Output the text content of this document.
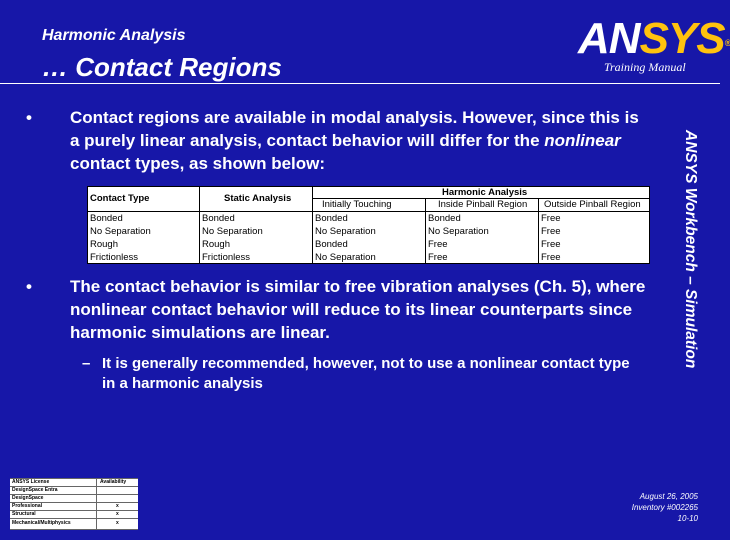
Harmonic Analysis
… Contact Regions
ANSYS®
Training Manual
ANSYS Workbench – Simulation
• Contact regions are available in modal analysis. However, since this is a purely linear analysis, contact behavior will differ for the nonlinear contact types, as shown below:
Contact Type	Static Analysis
Harmonic Analysis
Initially Touching	Inside Pinball Region	Outside Pinball Region
Bonded	Bonded	Bonded	Bonded	Free
No Separation	No Separation	No Separation	No Separation	Free
Rough	Rough	Bonded	Free	Free
Frictionless	Frictionless	No Separation	Free	Free
• The contact behavior is similar to free vibration analyses (Ch. 5), where nonlinear contact behavior will reduce to its linear counterparts since harmonic simulations are linear.
– It is generally recommended, however, not to use a nonlinear contact type in a harmonic analysis
ANSYS License	Availability
DesignSpace Entra
DesignSpace
Professional	x
Structural	x
Mechanical/Multiphysics	x
August 26, 2005
Inventory #002265
10-10
